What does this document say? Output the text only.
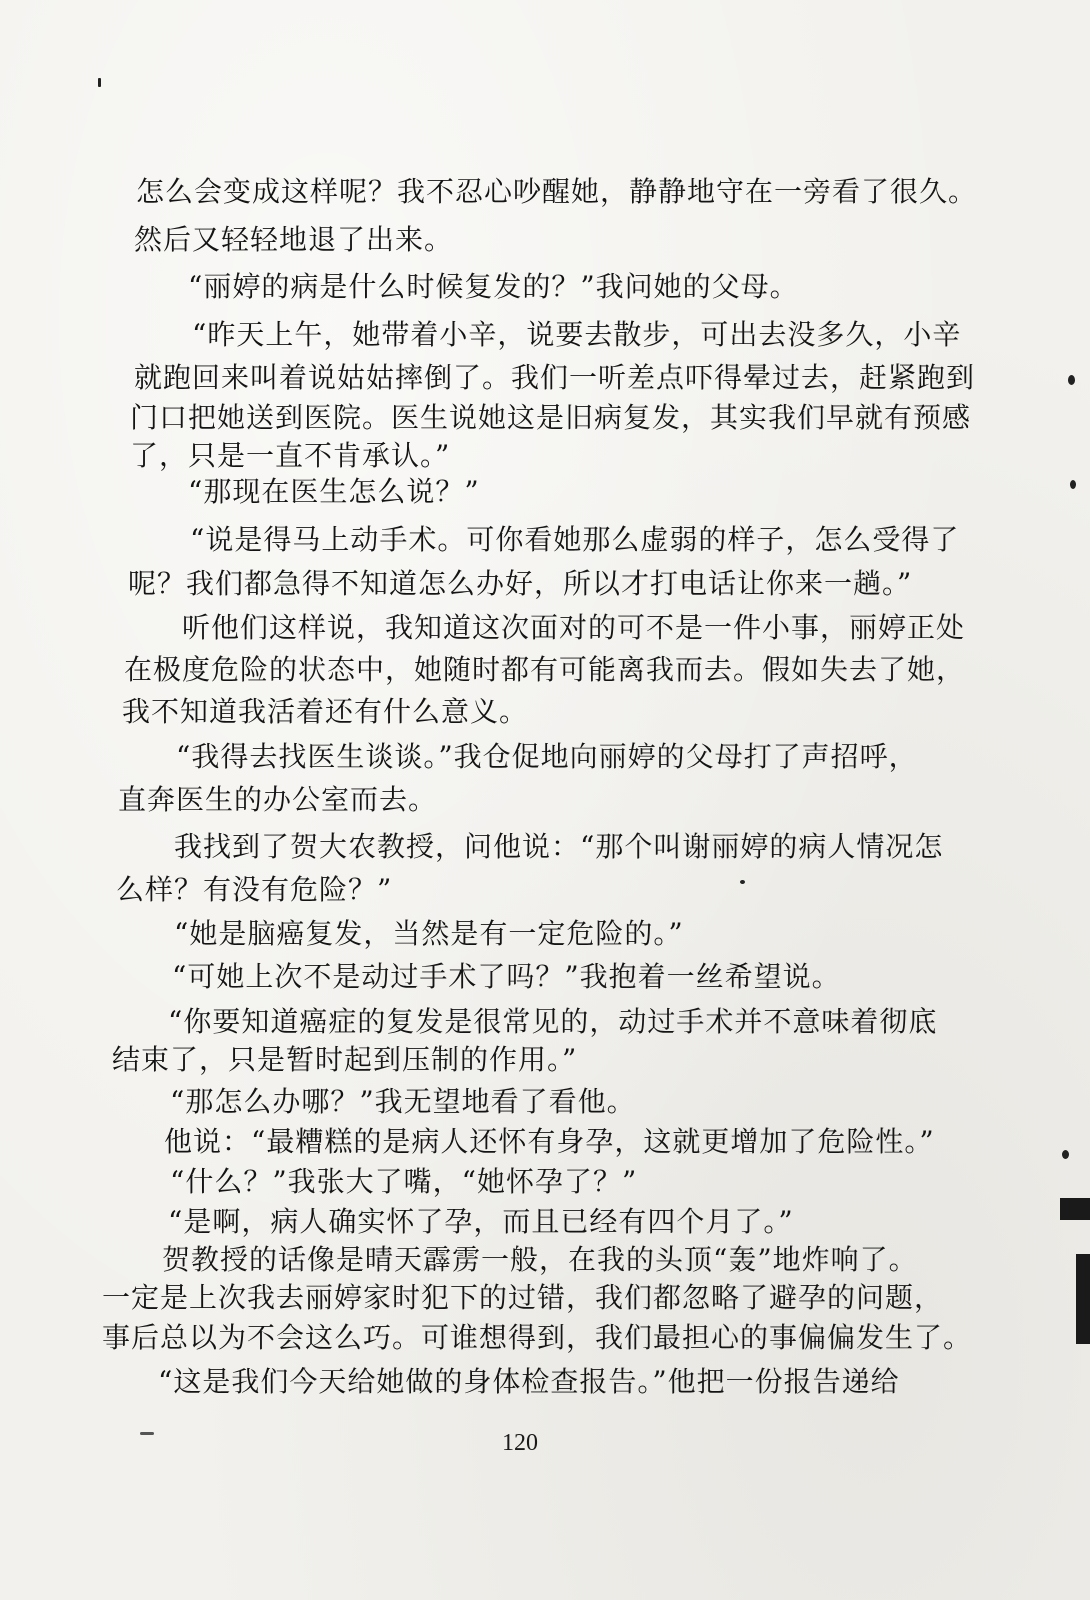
怎么会变成这样呢？我不忍心吵醒她，静静地守在一旁看了很久。
然后又轻轻地退了出来。
“丽婷的病是什么时候复发的？”我问她的父母。
“昨天上午，她带着小辛，说要去散步，可出去没多久，小辛
就跑回来叫着说姑姑摔倒了。我们一听差点吓得晕过去，赶紧跑到
门口把她送到医院。医生说她这是旧病复发，其实我们早就有预感
了，只是一直不肯承认。”
“那现在医生怎么说？”
“说是得马上动手术。可你看她那么虚弱的样子，怎么受得了
呢？我们都急得不知道怎么办好，所以才打电话让你来一趟。”
听他们这样说，我知道这次面对的可不是一件小事，丽婷正处
在极度危险的状态中，她随时都有可能离我而去。假如失去了她，
我不知道我活着还有什么意义。
“我得去找医生谈谈。”我仓促地向丽婷的父母打了声招呼，
直奔医生的办公室而去。
我找到了贺大农教授，问他说：“那个叫谢丽婷的病人情况怎
么样？有没有危险？”
“她是脑癌复发，当然是有一定危险的。”
“可她上次不是动过手术了吗？”我抱着一丝希望说。
“你要知道癌症的复发是很常见的，动过手术并不意味着彻底
结束了，只是暂时起到压制的作用。”
“那怎么办哪？”我无望地看了看他。
他说：“最糟糕的是病人还怀有身孕，这就更增加了危险性。”
“什么？”我张大了嘴，“她怀孕了？”
“是啊，病人确实怀了孕，而且已经有四个月了。”
贺教授的话像是晴天霹雳一般，在我的头顶“轰”地炸响了。
一定是上次我去丽婷家时犯下的过错，我们都忽略了避孕的问题，
事后总以为不会这么巧。可谁想得到，我们最担心的事偏偏发生了。
“这是我们今天给她做的身体检查报告。”他把一份报告递给
120
